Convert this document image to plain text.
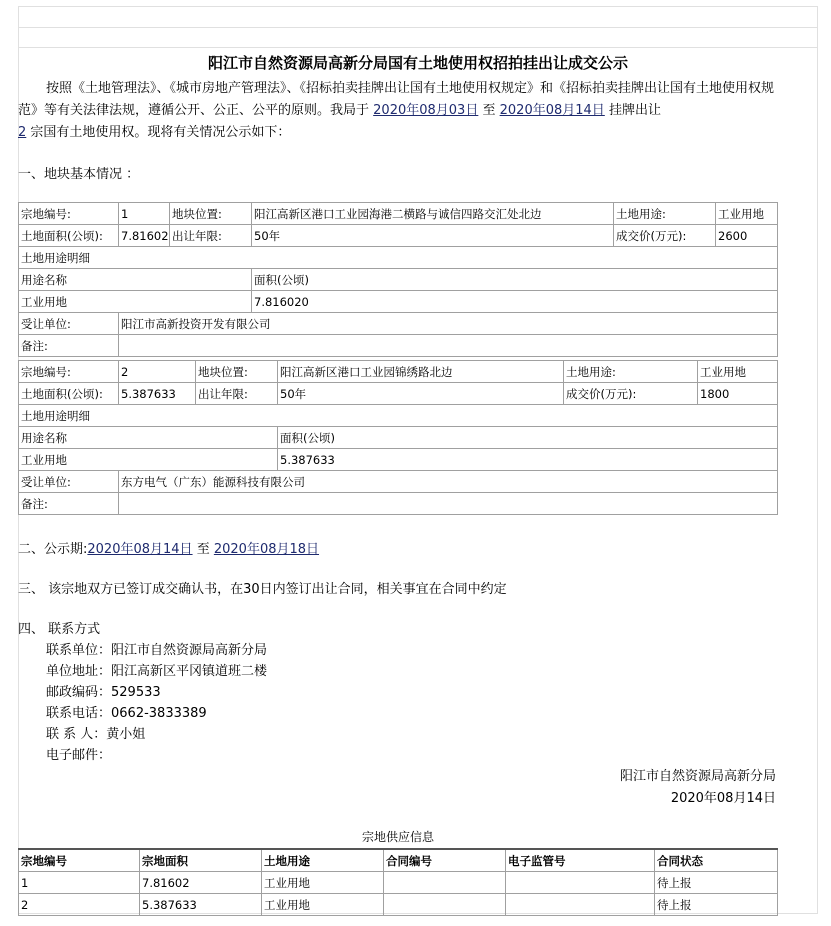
阳江市自然资源局高新分局国有土地使用权招拍挂出让成交公示
按照《土地管理法》、《城市房地产管理法》、《招标拍卖挂牌出让国有土地使用权规定》和《招标拍卖挂牌出让国有土地使用权规范》等有关法律法规，遵循公开、公正、公平的原则。我局于 2020年08月03日 至 2020年08月14日 挂牌出让
2 宗国有土地使用权。现将有关情况公示如下：
一、地块基本情况 ：
宗地编号:	1	地块位置:	阳江高新区港口工业园海港二横路与诚信四路交汇处北边	土地用途:	工业用地
土地面积(公顷):	7.81602	出让年限:	50年	成交价(万元):	2600
土地用途明细					
用途名称			面积(公顷)		
工业用地			7.816020		
受让单位:	阳江市高新投资开发有限公司				
备注:					
宗地编号:	2	地块位置:	阳江高新区港口工业园锦绣路北边	土地用途:	工业用地
土地面积(公顷):	5.387633	出让年限:	50年	成交价(万元):	1800
土地用途明细					
用途名称			面积(公顷)		
工业用地			5.387633		
受让单位:	东方电气（广东）能源科技有限公司				
备注:					
二、公示期:2020年08月14日 至 2020年08月18日
三、 该宗地双方已签订成交确认书，在30日内签订出让合同，相关事宜在合同中约定
四、 联系方式
联系单位：阳江市自然资源局高新分局
单位地址：阳江高新区平冈镇道班二楼
邮政编码：529533
联系电话：0662-3833389
联 系 人：黄小姐
电子邮件：
阳江市自然资源局高新分局
2020年08月14日
宗地供应信息
宗地编号	宗地面积	土地用途	合同编号	电子监管号	合同状态
1	7.81602	工业用地			待上报
2	5.387633	工业用地			待上报
